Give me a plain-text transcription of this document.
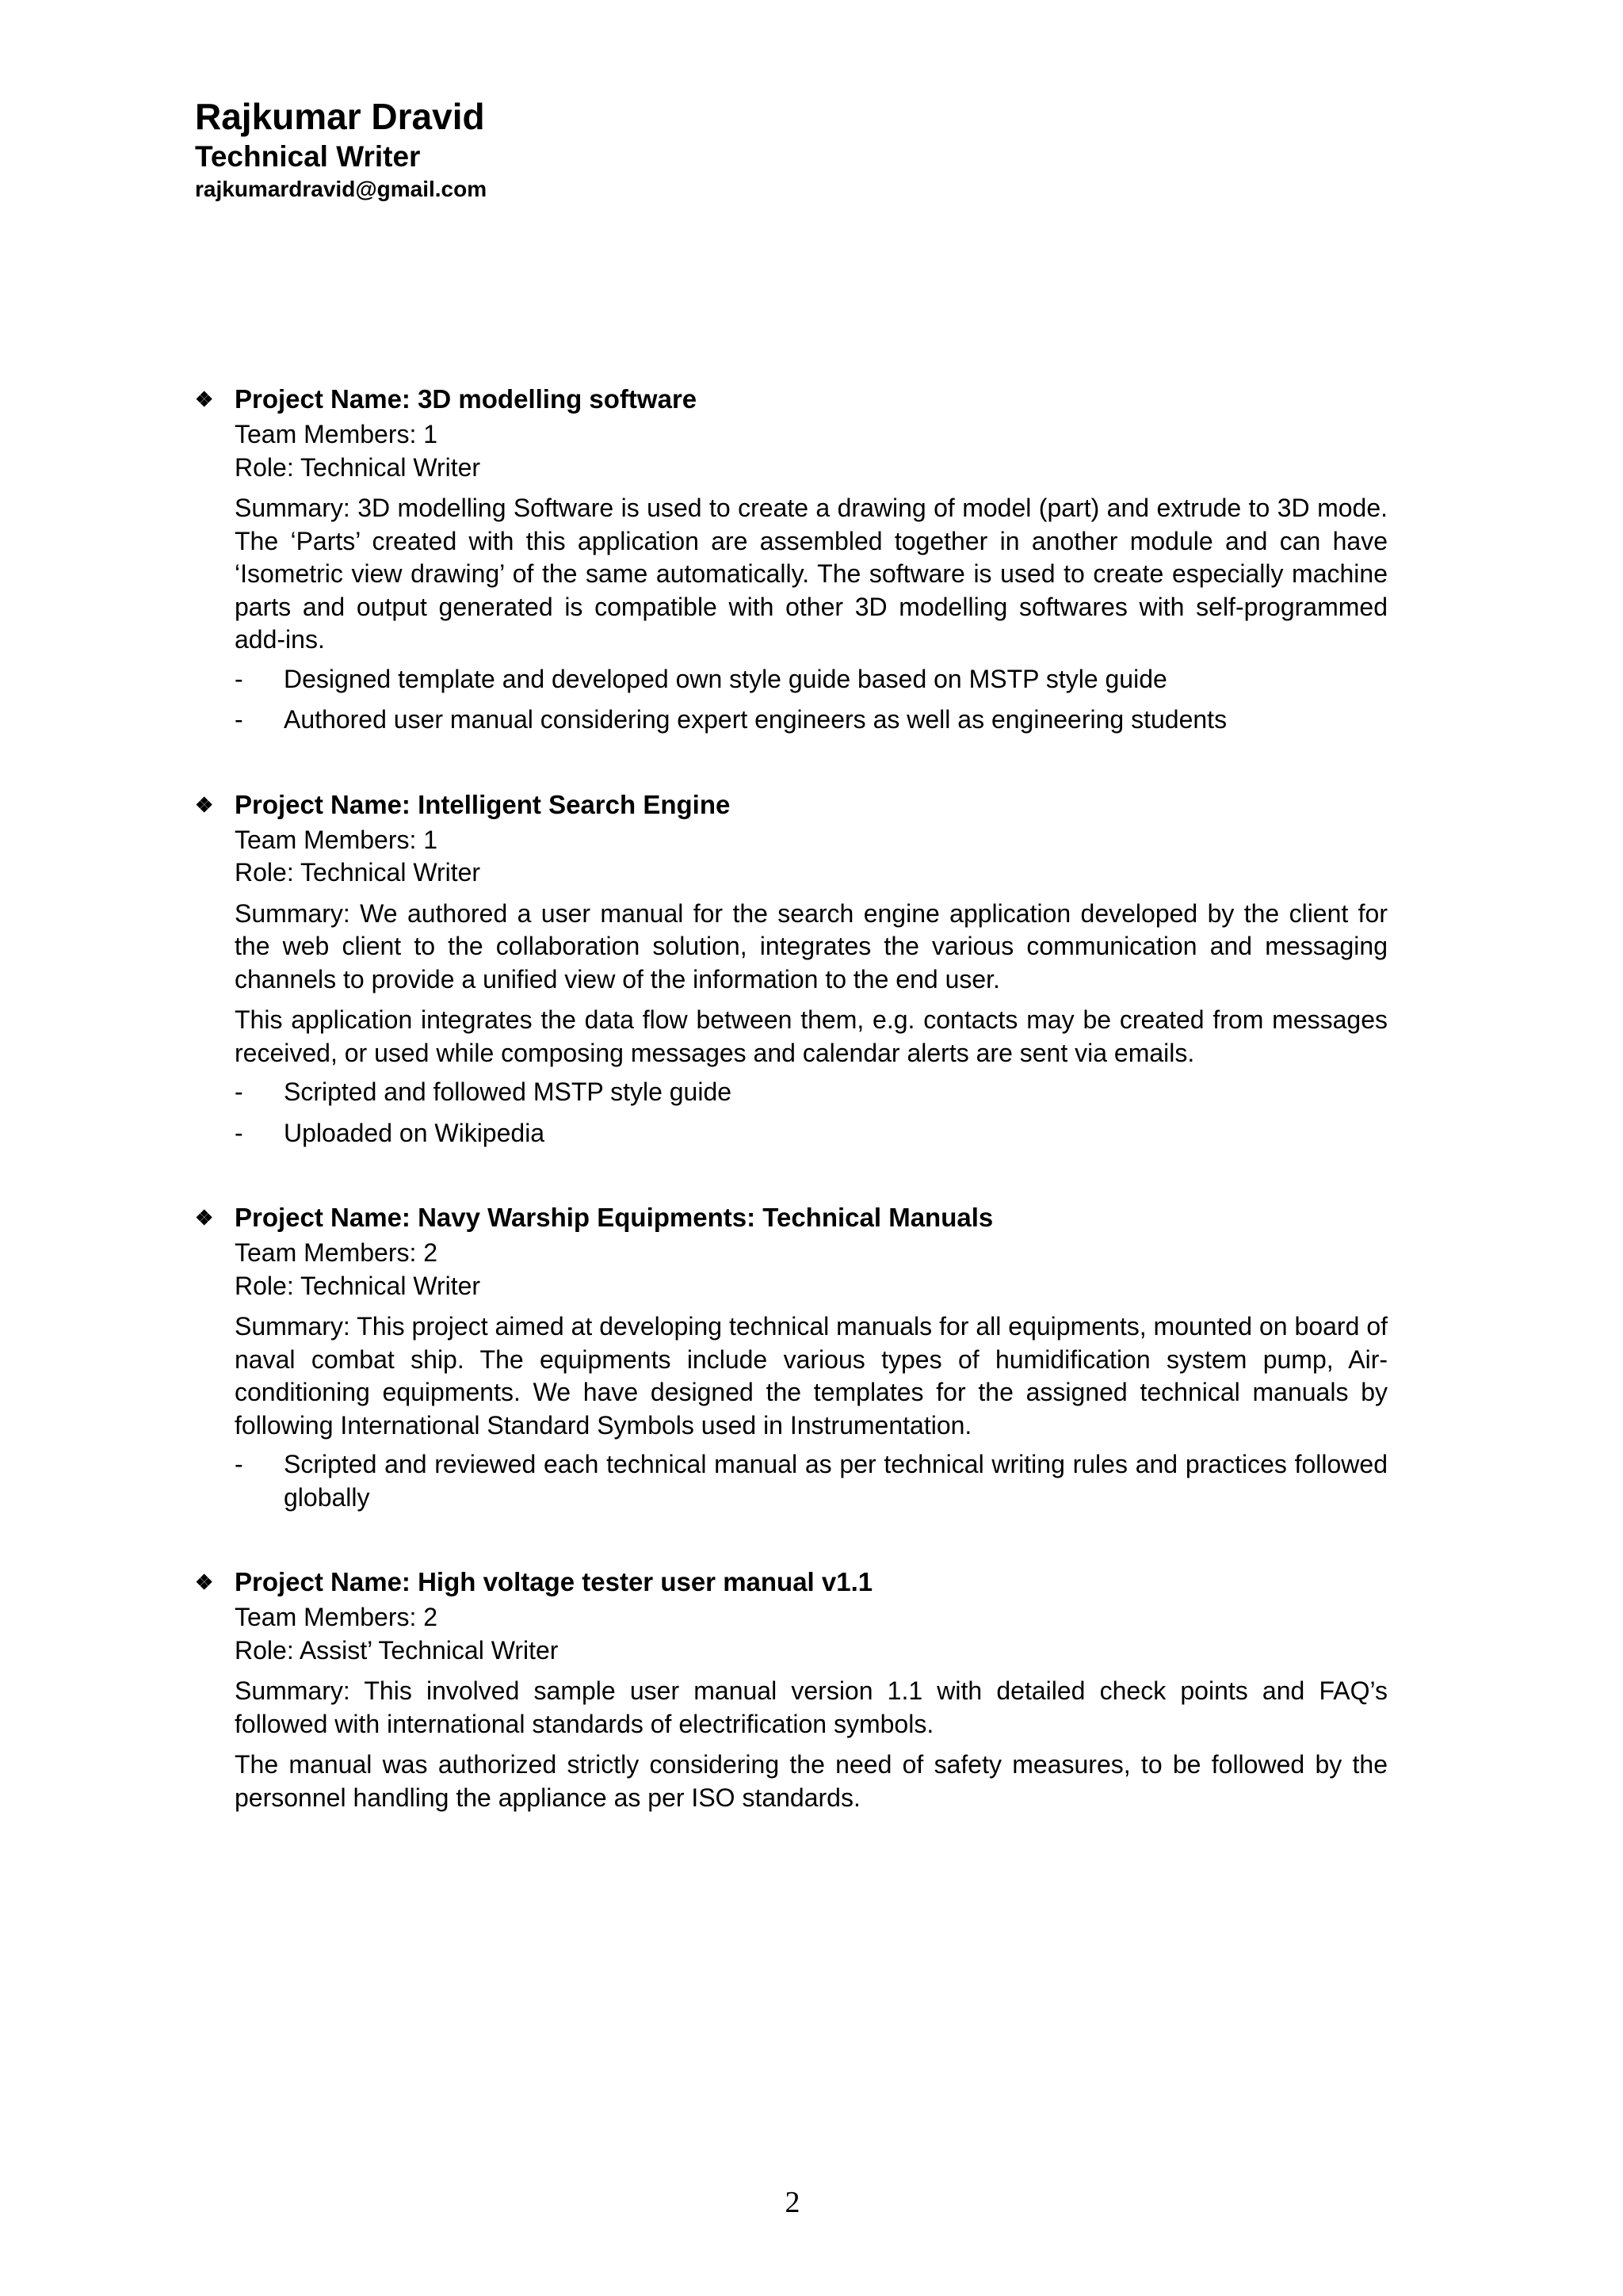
Rajkumar Dravid
Technical Writer
rajkumardravid@gmail.com
❖ Project Name: 3D modelling software

Team Members: 1

Role: Technical Writer

Summary: 3D modelling Software is used to create a drawing of model (part) and extrude to 3D mode. The ‘Parts’ created with this application are assembled together in another module and can have ‘Isometric view drawing’ of the same automatically. The software is used to create especially machine parts and output generated is compatible with other 3D modelling softwares with self-programmed add-ins.

- Designed template and developed own style guide based on MSTP style guide
- Authored user manual considering expert engineers as well as engineering students
❖ Project Name: Intelligent Search Engine

Team Members: 1

Role: Technical Writer

Summary: We authored a user manual for the search engine application developed by the client for the web client to the collaboration solution, integrates the various communication and messaging channels to provide a unified view of the information to the end user.

This application integrates the data flow between them, e.g. contacts may be created from messages received, or used while composing messages and calendar alerts are sent via emails.

- Scripted and followed MSTP style guide
- Uploaded on Wikipedia
❖ Project Name: Navy Warship Equipments: Technical Manuals

Team Members: 2

Role: Technical Writer

Summary: This project aimed at developing technical manuals for all equipments, mounted on board of naval combat ship. The equipments include various types of humidification system pump, Air-conditioning equipments. We have designed the templates for the assigned technical manuals by following International Standard Symbols used in Instrumentation.

- Scripted and reviewed each technical manual as per technical writing rules and practices followed globally
❖ Project Name: High voltage tester user manual v1.1

Team Members: 2

Role: Assist’ Technical Writer

Summary: This involved sample user manual version 1.1 with detailed check points and FAQ’s followed with international standards of electrification symbols.

The manual was authorized strictly considering the need of safety measures, to be followed by the personnel handling the appliance as per ISO standards.

2
